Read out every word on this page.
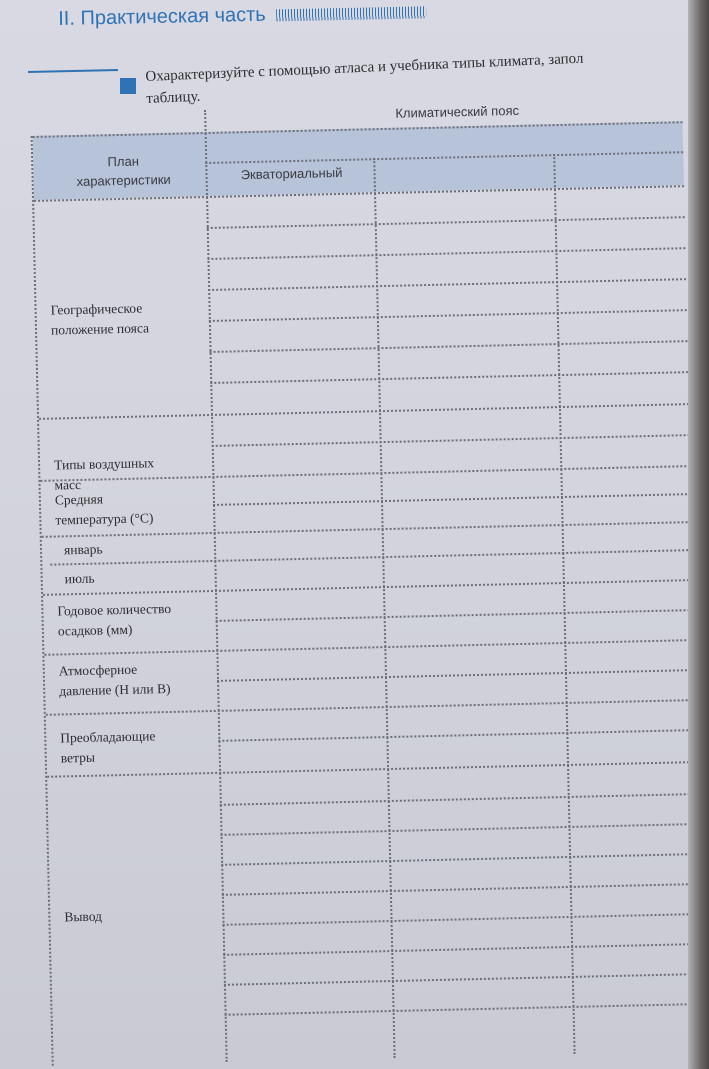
II. Практическая часть
Охарактеризуйте с помощью атласа и учебника типы климата, запол
таблицу.
Климатический пояс
План
характеристики	Экваториальный
Географическое
положение пояса
Типы воздушных
масс
Средняя
температура (°С)
январь
июль
Годовое количество
осадков (мм)
Атмосферное
давление (Н или В)
Преобладающие
ветры
Вывод
